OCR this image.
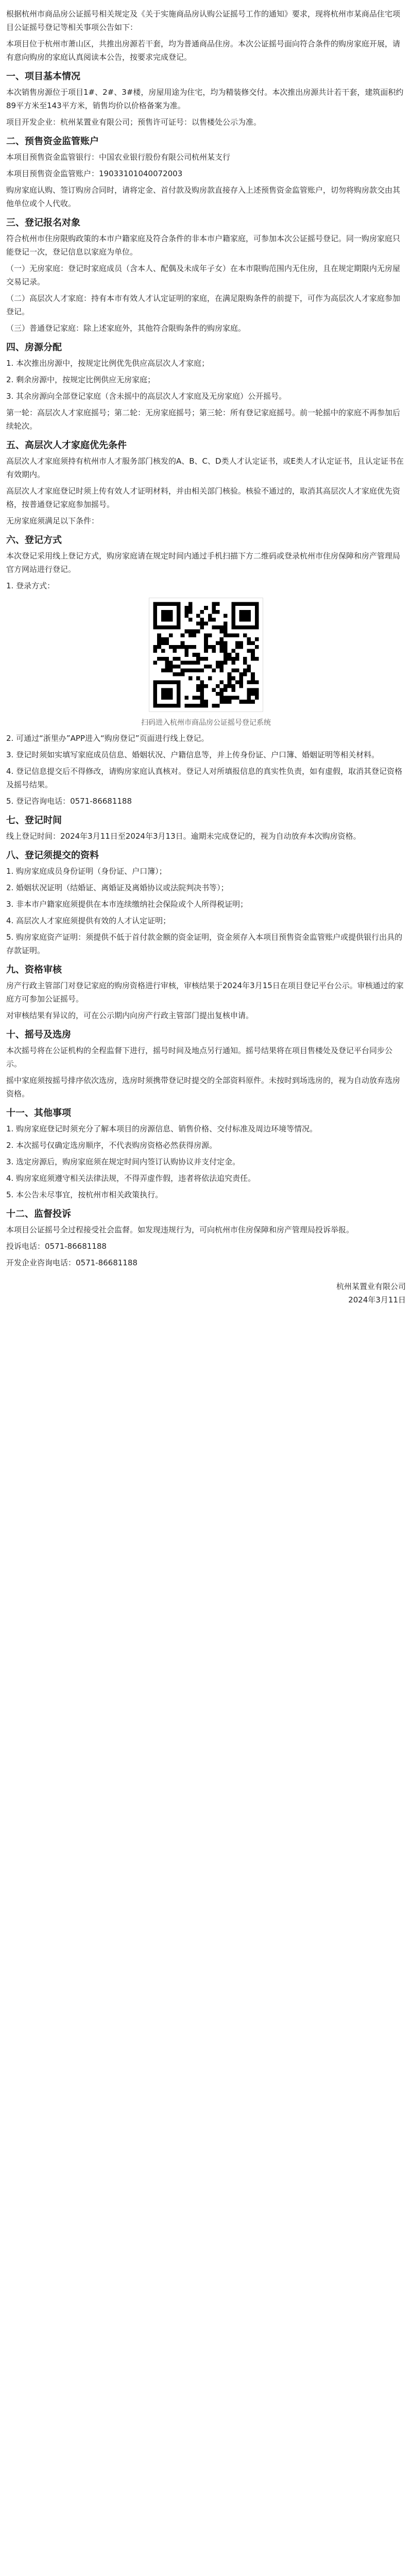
根据杭州市商品房公证摇号相关规定及《关于实施商品房认购公证摇号工作的通知》要求，现将杭州市某商品住宅项目公证摇号登记等相关事项公告如下：

本项目位于杭州市萧山区，共推出房源若干套，均为普通商品住房。本次公证摇号面向符合条件的购房家庭开展，请有意向购房的家庭认真阅读本公告，按要求完成登记。

一、项目基本情况

本次销售房源位于项目1#、2#、3#楼，房屋用途为住宅，均为精装修交付。本次推出房源共计若干套，建筑面积约89平方米至143平方米，销售均价以价格备案为准。

项目开发企业：杭州某置业有限公司；预售许可证号：以售楼处公示为准。

二、预售资金监管账户

本项目预售资金监管银行：中国农业银行股份有限公司杭州某支行

本项目预售资金监管账户：19033101040072003

购房家庭认购、签订购房合同时，请将定金、首付款及购房款直接存入上述预售资金监管账户，切勿将购房款交由其他单位或个人代收。

三、登记报名对象

符合杭州市住房限购政策的本市户籍家庭及符合条件的非本市户籍家庭，可参加本次公证摇号登记。同一购房家庭只能登记一次，登记信息以家庭为单位。

（一）无房家庭：登记时家庭成员（含本人、配偶及未成年子女）在本市限购范围内无住房，且在规定期限内无房屋交易记录。

（二）高层次人才家庭：持有本市有效人才认定证明的家庭，在满足限购条件的前提下，可作为高层次人才家庭参加登记。

（三）普通登记家庭：除上述家庭外，其他符合限购条件的购房家庭。

四、房源分配

1. 本次推出房源中，按规定比例优先供应高层次人才家庭；

2. 剩余房源中，按规定比例供应无房家庭；

3. 其余房源向全部登记家庭（含未摇中的高层次人才家庭及无房家庭）公开摇号。

第一轮：高层次人才家庭摇号；第二轮：无房家庭摇号；第三轮：所有登记家庭摇号。前一轮摇中的家庭不再参加后续轮次。

五、高层次人才家庭优先条件

高层次人才家庭须持有杭州市人才服务部门核发的A、B、C、D类人才认定证书，或E类人才认定证书，且认定证书在有效期内。

高层次人才家庭登记时须上传有效人才证明材料，并由相关部门核验。核验不通过的，取消其高层次人才家庭优先资格，按普通登记家庭参加摇号。

无房家庭须满足以下条件：

六、登记方式

本次登记采用线上登记方式，购房家庭请在规定时间内通过手机扫描下方二维码或登录杭州市住房保障和房产管理局官方网站进行登记。

1. 登录方式：

扫码进入杭州市商品房公证摇号登记系统

2. 可通过“浙里办”APP进入“购房登记”页面进行线上登记。

3. 登记时须如实填写家庭成员信息、婚姻状况、户籍信息等，并上传身份证、户口簿、婚姻证明等相关材料。

4. 登记信息提交后不得修改，请购房家庭认真核对。登记人对所填报信息的真实性负责，如有虚假，取消其登记资格及摇号结果。

5. 登记咨询电话：0571-86681188

七、登记时间

线上登记时间：2024年3月11日至2024年3月13日。逾期未完成登记的，视为自动放弃本次购房资格。

八、登记须提交的资料

1. 购房家庭成员身份证明（身份证、户口簿）；

2. 婚姻状况证明（结婚证、离婚证及离婚协议或法院判决书等）；

3. 非本市户籍家庭须提供在本市连续缴纳社会保险或个人所得税证明；

4. 高层次人才家庭须提供有效的人才认定证明；

5. 购房家庭资产证明：须提供不低于首付款金额的资金证明，资金须存入本项目预售资金监管账户或提供银行出具的存款证明。

九、资格审核

房产行政主管部门对登记家庭的购房资格进行审核，审核结果于2024年3月15日在项目登记平台公示。审核通过的家庭方可参加公证摇号。

对审核结果有异议的，可在公示期内向房产行政主管部门提出复核申请。

十、摇号及选房

本次摇号将在公证机构的全程监督下进行，摇号时间及地点另行通知。摇号结果将在项目售楼处及登记平台同步公示。

摇中家庭须按摇号排序依次选房，选房时须携带登记时提交的全部资料原件。未按时到场选房的，视为自动放弃选房资格。

十一、其他事项

1. 购房家庭登记时须充分了解本项目的房源信息、销售价格、交付标准及周边环境等情况。

2. 本次摇号仅确定选房顺序，不代表购房资格必然获得房源。

3. 选定房源后，购房家庭须在规定时间内签订认购协议并支付定金。

4. 购房家庭须遵守相关法律法规，不得弄虚作假，违者将依法追究责任。

5. 本公告未尽事宜，按杭州市相关政策执行。

十二、监督投诉

本项目公证摇号全过程接受社会监督。如发现违规行为，可向杭州市住房保障和房产管理局投诉举报。

投诉电话：0571-86681188

开发企业咨询电话：0571-86681188

杭州某置业有限公司
2024年3月11日
